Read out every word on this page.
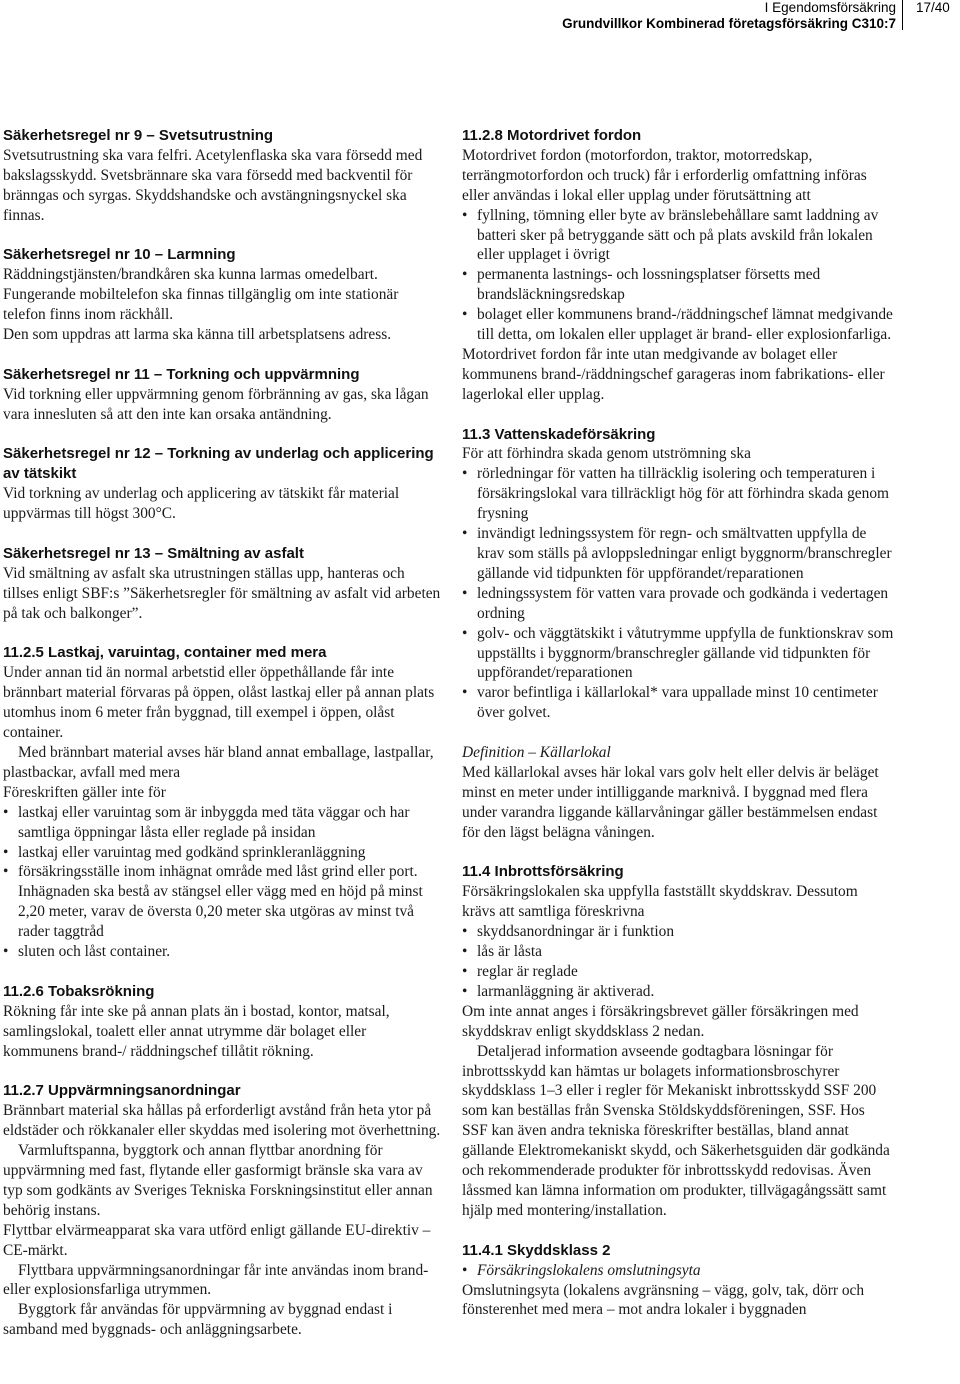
I Egendomsförsäkring
Grundvillkor Kombinerad företagsförsäkring C310:7
17/40

Säkerhetsregel nr 9 – Svetsutrustning

Svetsutrustning ska vara felfri. Acetylenflaska ska vara försedd med bakslagsskydd. Svetsbrännare ska vara försedd med backventil för bränngas och syrgas. Skyddshandske och avstängningsnyckel ska finnas.

Säkerhetsregel nr 10 – Larmning

Räddningstjänsten/brandkåren ska kunna larmas omedelbart.

Fungerande mobiltelefon ska finnas tillgänglig om inte stationär telefon finns inom räckhåll.

Den som uppdras att larma ska känna till arbetsplatsens adress.

Säkerhetsregel nr 11 – Torkning och uppvärmning

Vid torkning eller uppvärmning genom förbränning av gas, ska lågan vara innesluten så att den inte kan orsaka antändning.

Säkerhetsregel nr 12 – Torkning av underlag och applicering av tätskikt

Vid torkning av underlag och applicering av tätskikt får material uppvärmas till högst 300°C.

Säkerhetsregel nr 13 – Smältning av asfalt

Vid smältning av asfalt ska utrustningen ställas upp, hanteras och tillses enligt SBF:s ”Säkerhetsregler för smältning av asfalt vid arbeten på tak och balkonger”.

11.2.5 Lastkaj, varuintag, container med mera

Under annan tid än normal arbetstid eller öppethållande får inte brännbart material förvaras på öppen, olåst lastkaj eller på annan plats utomhus inom 6 meter från byggnad, till exempel i öppen, olåst container.

Med brännbart material avses här bland annat emballage, lastpallar, plastbackar, avfall med mera

Föreskriften gäller inte för

• lastkaj eller varuintag som är inbyggda med täta väggar och har samtliga öppningar låsta eller reglade på insidan
• lastkaj eller varuintag med godkänd sprinkleranläggning
• försäkringsställe inom inhägnat område med låst grind eller port. Inhägnaden ska bestå av stängsel eller vägg med en höjd på minst 2,20 meter, varav de översta 0,20 meter ska utgöras av minst två rader taggtråd
• sluten och låst container.

11.2.6 Tobaksrökning

Rökning får inte ske på annan plats än i bostad, kontor, matsal, samlingslokal, toalett eller annat utrymme där bolaget eller kommunens brand-/ räddningschef tillåtit rökning.

11.2.7 Uppvärmningsanordningar

Brännbart material ska hållas på erforderligt avstånd från heta ytor på eldstäder och rökkanaler eller skyddas med isolering mot överhettning.

Varmluftspanna, byggtork och annan flyttbar anordning för uppvärmning med fast, flytande eller gasformigt bränsle ska vara av typ som godkänts av Sveriges Tekniska Forskningsinstitut eller annan behörig instans.

Flyttbar elvärmeapparat ska vara utförd enligt gällande EU-direktiv – CE-märkt.

Flyttbara uppvärmningsanordningar får inte användas inom brand- eller explosionsfarliga utrymmen.

Byggtork får användas för uppvärmning av byggnad endast i samband med byggnads- och anläggningsarbete.

11.2.8 Motordrivet fordon

Motordrivet fordon (motorfordon, traktor, motorredskap, terrängmotorfordon och truck) får i erforderlig omfattning införas eller användas i lokal eller upplag under förutsättning att

• fyllning, tömning eller byte av bränslebehållare samt laddning av batteri sker på betryggande sätt och på plats avskild från lokalen eller upplaget i övrigt
• permanenta lastnings- och lossningsplatser försetts med brandsläckningsredskap
• bolaget eller kommunens brand-/räddningschef lämnat medgivande till detta, om lokalen eller upplaget är brand- eller explosionfarliga.

Motordrivet fordon får inte utan medgivande av bolaget eller kommunens brand-/räddningschef garageras inom fabrikations- eller lagerlokal eller upplag.

11.3 Vattenskadeförsäkring

För att förhindra skada genom utströmning ska

• rörledningar för vatten ha tillräcklig isolering och temperaturen i försäkringslokal vara tillräckligt hög för att förhindra skada genom frysning
• invändigt ledningssystem för regn- och smältvatten uppfylla de krav som ställs på avloppsledningar enligt byggnorm/branschregler gällande vid tidpunkten för uppförandet/reparationen
• ledningssystem för vatten vara provade och godkända i vedertagen ordning
• golv- och väggtätskikt i våtutrymme uppfylla de funktionskrav som uppställts i byggnorm/branschregler gällande vid tidpunkten för uppförandet/reparationen
• varor befintliga i källarlokal* vara uppallade minst 10 centimeter över golvet.

Definition – Källarlokal

Med källarlokal avses här lokal vars golv helt eller delvis är beläget minst en meter under intilliggande marknivå. I byggnad med flera under varandra liggande källarvåningar gäller bestämmelsen endast för den lägst belägna våningen.

11.4 Inbrottsförsäkring

Försäkringslokalen ska uppfylla fastställt skyddskrav. Dessutom krävs att samtliga föreskrivna

• skyddsanordningar är i funktion
• lås är låsta
• reglar är reglade
• larmanläggning är aktiverad.

Om inte annat anges i försäkringsbrevet gäller försäkringen med skyddskrav enligt skyddsklass 2 nedan.

Detaljerad information avseende godtagbara lösningar för inbrottsskydd kan hämtas ur bolagets informationsbroschyrer skyddsklass 1–3 eller i regler för Mekaniskt inbrottsskydd SSF 200 som kan beställas från Svenska Stöldskyddsföreningen, SSF. Hos SSF kan även andra tekniska föreskrifter beställas, bland annat gällande Elektromekaniskt skydd, och Säkerhetsguiden där godkända och rekommenderade produkter för inbrottsskydd redovisas. Även låssmed kan lämna information om produkter, tillvägagångssätt samt hjälp med montering/installation.

11.4.1 Skyddsklass 2

• Försäkringslokalens omslutningsyta

Omslutningsyta (lokalens avgränsning – vägg, golv, tak, dörr och fönsterenhet med mera – mot andra lokaler i byggnaden
